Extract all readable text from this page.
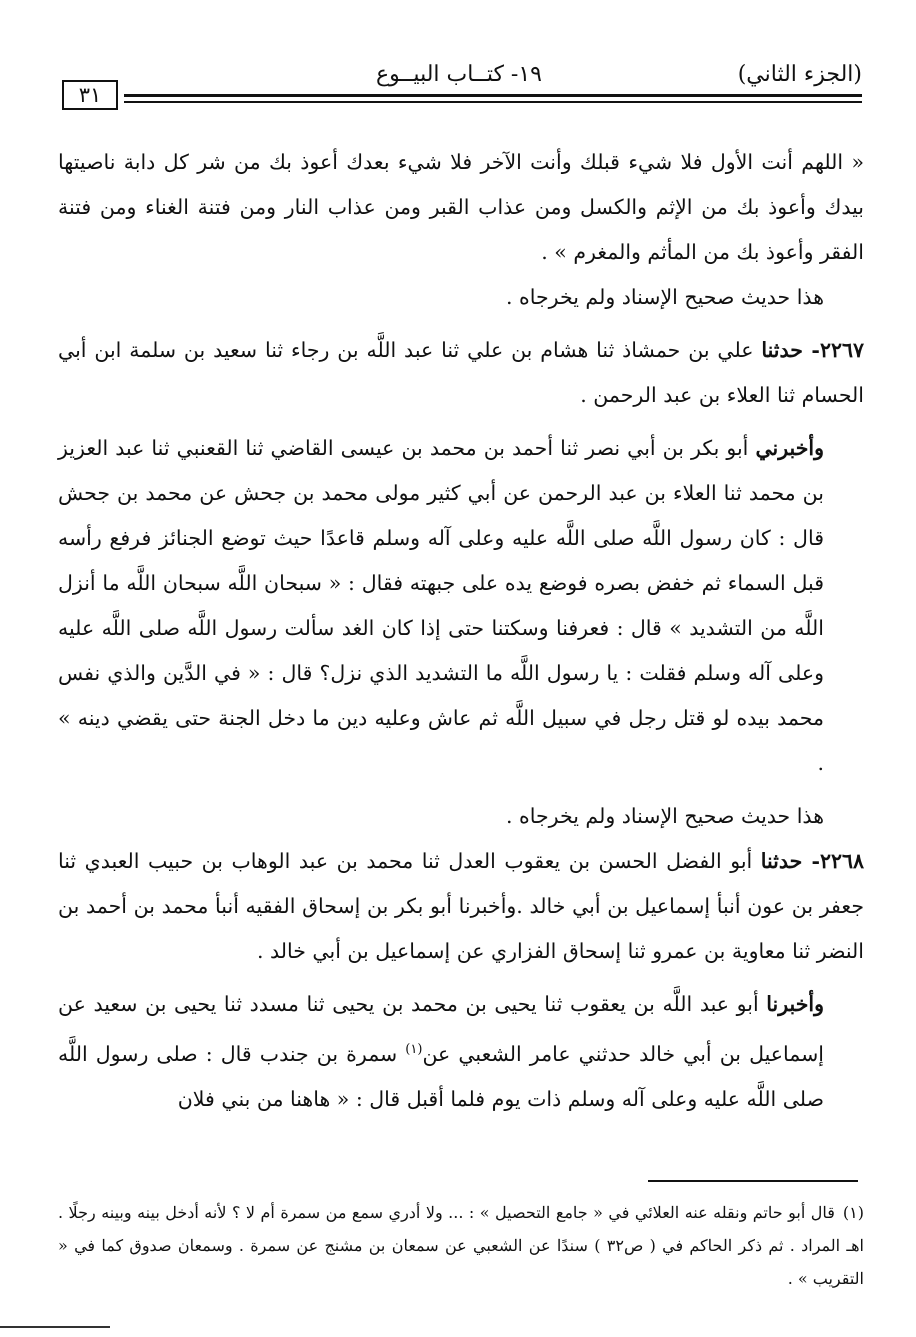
(الجزء الثاني)
١٩- كتــاب البيــوع
٣١

« اللهم أنت الأول فلا شيء قبلك وأنت الآخر فلا شيء بعدك أعوذ بك من شر كل دابة ناصيتها بيدك وأعوذ بك من الإثم والكسل ومن عذاب القبر ومن عذاب النار ومن فتنة الغناء ومن فتنة الفقر وأعوذ بك من المأثم والمغرم » .

هذا حديث صحيح الإسناد ولم يخرجاه .

٢٢٦٧- حدثنا علي بن حمشاذ ثنا هشام بن علي ثنا عبد اللَّه بن رجاء ثنا سعيد بن سلمة ابن أبي الحسام ثنا العلاء بن عبد الرحمن .

وأخبرني أبو بكر بن أبي نصر ثنا أحمد بن محمد بن عيسى القاضي ثنا القعنبي ثنا عبد العزيز بن محمد ثنا العلاء بن عبد الرحمن عن أبي كثير مولى محمد بن جحش عن محمد بن جحش قال : كان رسول اللَّه صلى اللَّه عليه وعلى آله وسلم قاعدًا حيث توضع الجنائز فرفع رأسه قبل السماء ثم خفض بصره فوضع يده على جبهته فقال : « سبحان اللَّه سبحان اللَّه ما أنزل اللَّه من التشديد » قال : فعرفنا وسكتنا حتى إذا كان الغد سألت رسول اللَّه صلى اللَّه عليه وعلى آله وسلم فقلت : يا رسول اللَّه ما التشديد الذي نزل؟ قال : « في الدَّين والذي نفس محمد بيده لو قتل رجل في سبيل اللَّه ثم عاش وعليه دين ما دخل الجنة حتى يقضي دينه » .

هذا حديث صحيح الإسناد ولم يخرجاه .

٢٢٦٨- حدثنا أبو الفضل الحسن بن يعقوب العدل ثنا محمد بن عبد الوهاب بن حبيب العبدي ثنا جعفر بن عون أنبأ إسماعيل بن أبي خالد .وأخبرنا أبو بكر بن إسحاق الفقيه أنبأ محمد بن أحمد بن النضر ثنا معاوية بن عمرو ثنا إسحاق الفزاري عن إسماعيل بن أبي خالد .

وأخبرنا أبو عبد اللَّه بن يعقوب ثنا يحيى بن محمد بن يحيى ثنا مسدد ثنا يحيى بن سعيد عن إسماعيل بن أبي خالد حدثني عامر الشعبي عن$^{(١)}$ سمرة بن جندب قال : صلى رسول اللَّه صلى اللَّه عليه وعلى آله وسلم ذات يوم فلما أقبل قال : « هاهنا من بني فلان

(١)قال أبو حاتم ونقله عنه العلائي في « جامع التحصيل » : ... ولا أدري سمع من سمرة أم لا ؟ لأنه أدخل بينه وبينه رجلًا . اهـ المراد . ثم ذكر الحاكم في ( ص٣٢ ) سندًا عن الشعبي عن سمعان بن مشنج عن سمرة . وسمعان صدوق كما في « التقريب » .
